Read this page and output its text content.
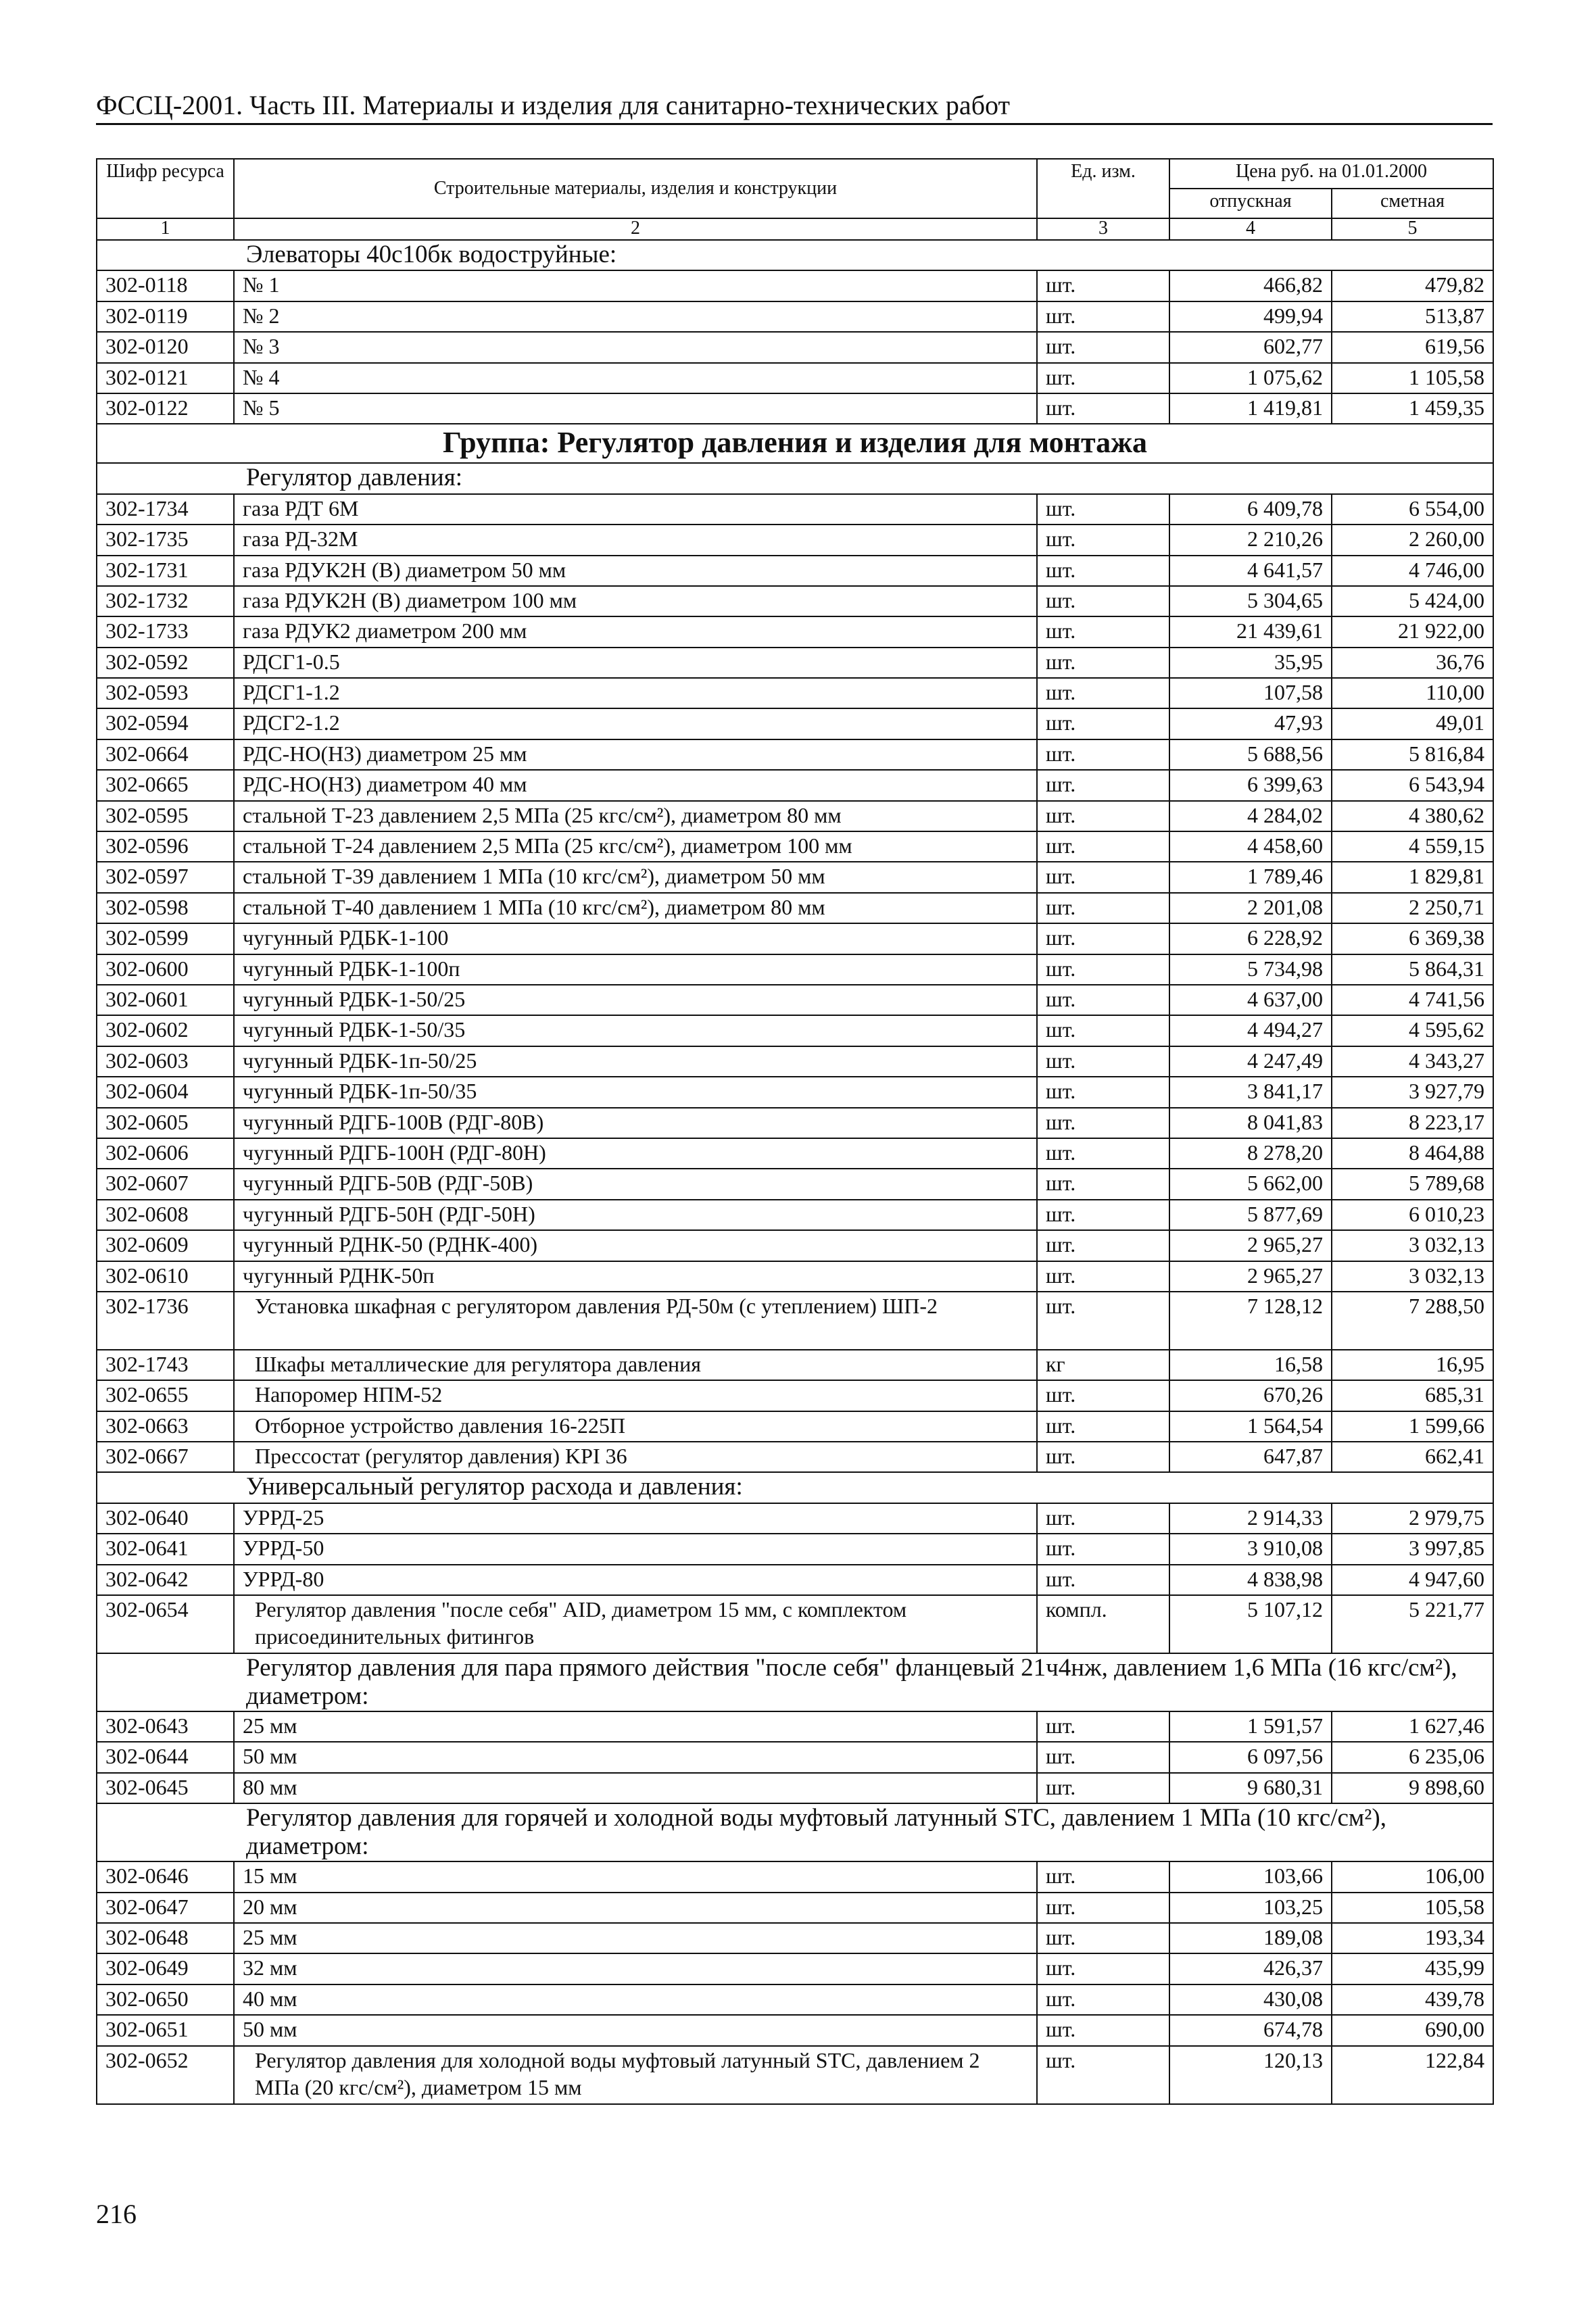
ФССЦ-2001. Часть III. Материалы и изделия для санитарно-технических работ
Шифр ресурса	Строительные материалы, изделия и конструкции	Ед. изм.	Цена руб. на 01.01.2000	
			отпускная	сметная
1	2	3	4	5
Элеваторы 40с10бк водоструйные:				
302-0118	№ 1	шт.	466,82	479,82
302-0119	№ 2	шт.	499,94	513,87
302-0120	№ 3	шт.	602,77	619,56
302-0121	№ 4	шт.	1 075,62	1 105,58
302-0122	№ 5	шт.	1 419,81	1 459,35
Группа: Регулятор давления и изделия для монтажа				
Регулятор давления:				
302-1734	газа РДТ 6М	шт.	6 409,78	6 554,00
302-1735	газа РД-32М	шт.	2 210,26	2 260,00
302-1731	газа РДУК2Н (В) диаметром 50 мм	шт.	4 641,57	4 746,00
302-1732	газа РДУК2Н (В) диаметром 100 мм	шт.	5 304,65	5 424,00
302-1733	газа РДУК2 диаметром 200 мм	шт.	21 439,61	21 922,00
302-0592	РДСГ1-0.5	шт.	35,95	36,76
302-0593	РДСГ1-1.2	шт.	107,58	110,00
302-0594	РДСГ2-1.2	шт.	47,93	49,01
302-0664	РДС-НО(НЗ) диаметром 25 мм	шт.	5 688,56	5 816,84
302-0665	РДС-НО(НЗ) диаметром 40 мм	шт.	6 399,63	6 543,94
302-0595	стальной Т-23 давлением 2,5 МПа (25 кгс/см²), диаметром 80 мм	шт.	4 284,02	4 380,62
302-0596	стальной Т-24 давлением 2,5 МПа (25 кгс/см²), диаметром 100 мм	шт.	4 458,60	4 559,15
302-0597	стальной Т-39 давлением 1 МПа (10 кгс/см²), диаметром 50 мм	шт.	1 789,46	1 829,81
302-0598	стальной Т-40 давлением 1 МПа (10 кгс/см²), диаметром 80 мм	шт.	2 201,08	2 250,71
302-0599	чугунный РДБК-1-100	шт.	6 228,92	6 369,38
302-0600	чугунный РДБК-1-100п	шт.	5 734,98	5 864,31
302-0601	чугунный РДБК-1-50/25	шт.	4 637,00	4 741,56
302-0602	чугунный РДБК-1-50/35	шт.	4 494,27	4 595,62
302-0603	чугунный РДБК-1п-50/25	шт.	4 247,49	4 343,27
302-0604	чугунный РДБК-1п-50/35	шт.	3 841,17	3 927,79
302-0605	чугунный РДГБ-100В (РДГ-80В)	шт.	8 041,83	8 223,17
302-0606	чугунный РДГБ-100Н (РДГ-80Н)	шт.	8 278,20	8 464,88
302-0607	чугунный РДГБ-50В (РДГ-50В)	шт.	5 662,00	5 789,68
302-0608	чугунный РДГБ-50Н (РДГ-50Н)	шт.	5 877,69	6 010,23
302-0609	чугунный РДНК-50 (РДНК-400)	шт.	2 965,27	3 032,13
302-0610	чугунный РДНК-50п	шт.	2 965,27	3 032,13
302-1736	Установка шкафная с регулятором давления РД-50м (с утеплением) ШП-2	шт.	7 128,12	7 288,50
302-1743	Шкафы металлические для регулятора давления	кг	16,58	16,95
302-0655	Напоромер НПМ-52	шт.	670,26	685,31
302-0663	Отборное устройство давления 16-225П	шт.	1 564,54	1 599,66
302-0667	Прессостат (регулятор давления) KPI 36	шт.	647,87	662,41
Универсальный регулятор расхода и давления:				
302-0640	УРРД-25	шт.	2 914,33	2 979,75
302-0641	УРРД-50	шт.	3 910,08	3 997,85
302-0642	УРРД-80	шт.	4 838,98	4 947,60
302-0654	Регулятор давления "после себя" AID, диаметром 15 мм, с комплектом присоединительных фитингов	компл.	5 107,12	5 221,77
Регулятор давления для пара прямого действия "после себя" фланцевый 21ч4нж, давлением 1,6 МПа (16 кгс/см²), диаметром:				
302-0643	25 мм	шт.	1 591,57	1 627,46
302-0644	50 мм	шт.	6 097,56	6 235,06
302-0645	80 мм	шт.	9 680,31	9 898,60
Регулятор давления для горячей и холодной воды муфтовый латунный STC, давлением 1 МПа (10 кгс/см²), диаметром:				
302-0646	15 мм	шт.	103,66	106,00
302-0647	20 мм	шт.	103,25	105,58
302-0648	25 мм	шт.	189,08	193,34
302-0649	32 мм	шт.	426,37	435,99
302-0650	40 мм	шт.	430,08	439,78
302-0651	50 мм	шт.	674,78	690,00
302-0652	Регулятор давления для холодной воды муфтовый латунный STC, давлением 2 МПа (20 кгс/см²), диаметром 15 мм	шт.	120,13	122,84
216
